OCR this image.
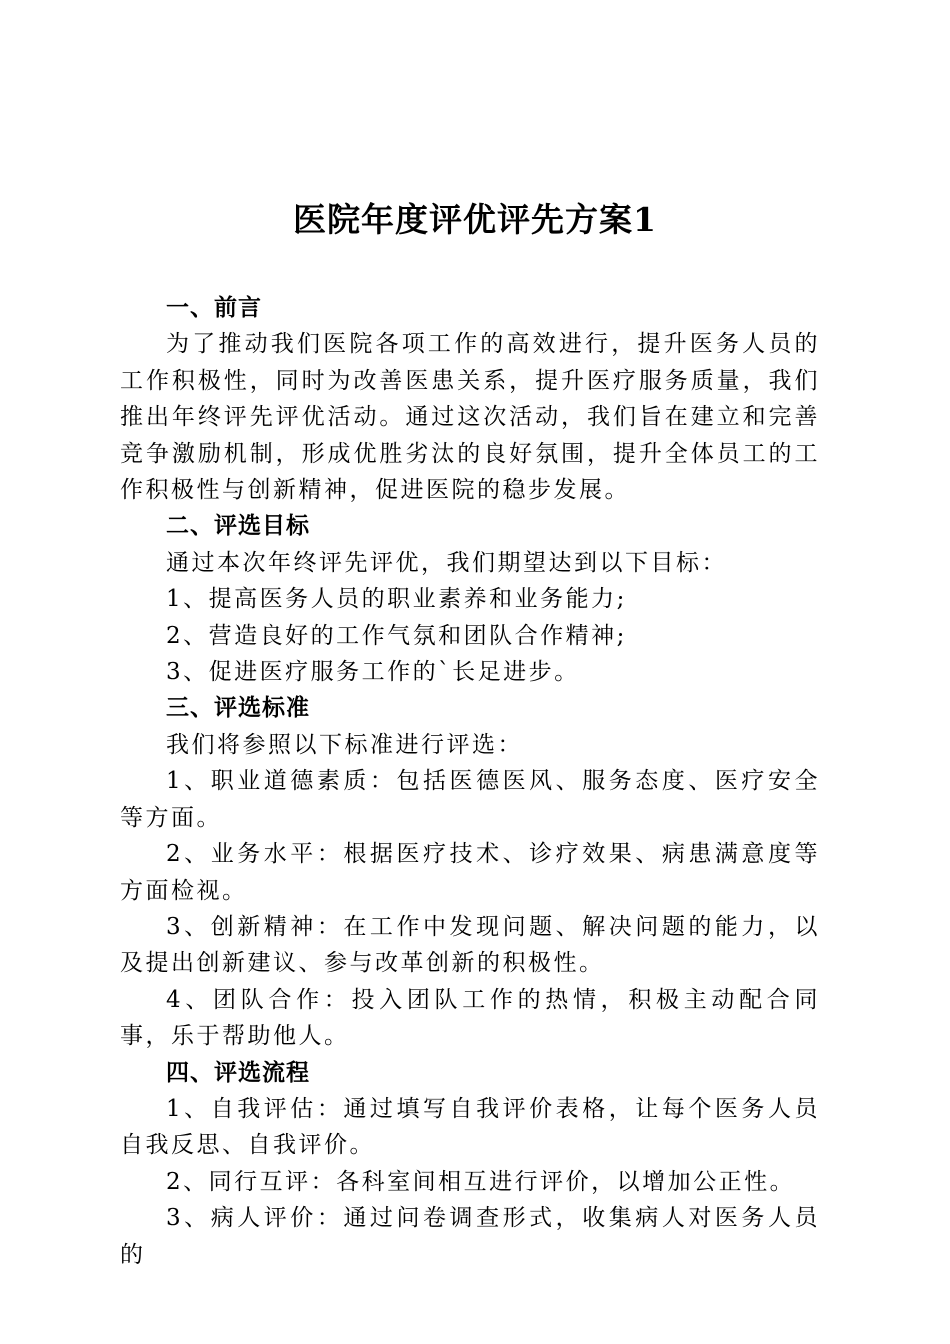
医院年度评优评先方案1

一、前言

为了推动我们医院各项工作的高效进行，提升医务人员的工作积极性，同时为改善医患关系，提升医疗服务质量，我们推出年终评先评优活动。通过这次活动，我们旨在建立和完善竞争激励机制，形成优胜劣汰的良好氛围，提升全体员工的工作积极性与创新精神，促进医院的稳步发展。

二、评选目标

通过本次年终评先评优，我们期望达到以下目标：

1、提高医务人员的职业素养和业务能力;

2、营造良好的工作气氛和团队合作精神;

3、促进医疗服务工作的`长足进步。

三、评选标准

我们将参照以下标准进行评选：

1、职业道德素质：包括医德医风、服务态度、医疗安全等方面。

2、业务水平：根据医疗技术、诊疗效果、病患满意度等方面检视。

3、创新精神：在工作中发现问题、解决问题的能力，以及提出创新建议、参与改革创新的积极性。

4、团队合作：投入团队工作的热情，积极主动配合同事，乐于帮助他人。

四、评选流程

1、自我评估：通过填写自我评价表格，让每个医务人员自我反思、自我评价。

2、同行互评：各科室间相互进行评价，以增加公正性。

3、病人评价：通过问卷调查形式，收集病人对医务人员的
